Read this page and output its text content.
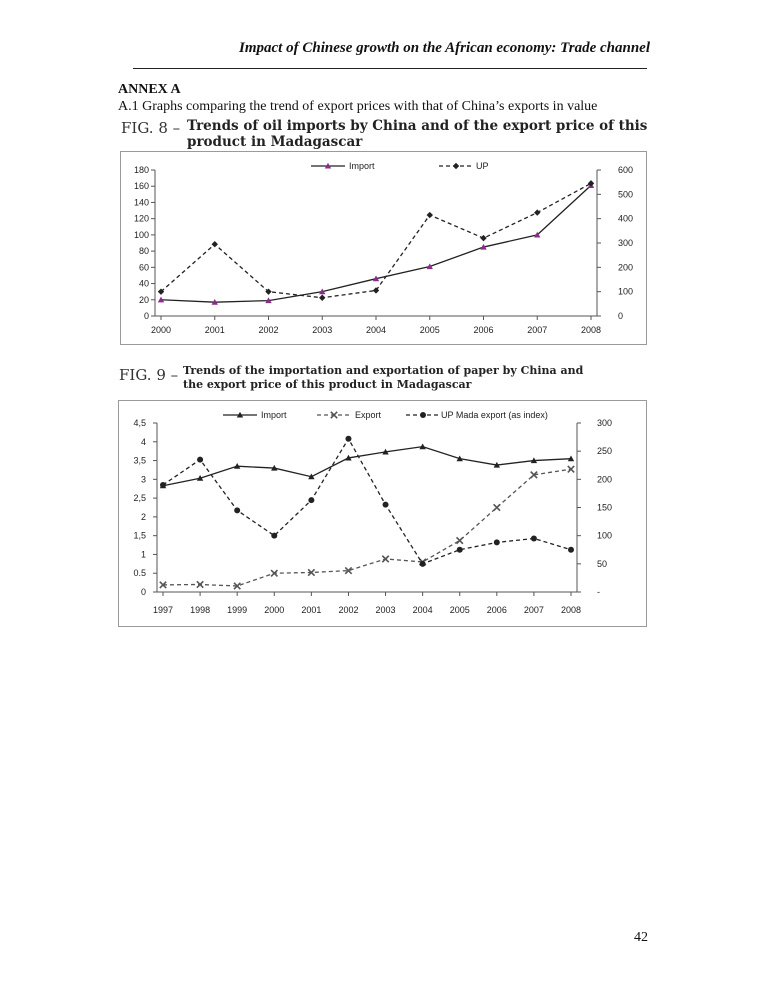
Impact of Chinese growth on the African economy: Trade channel
ANNEX A
A.1 Graphs comparing the trend of export prices with that of China’s exports in value
FIG. 8 – Trends of oil imports by China and of the export price of this
product in Madagascar
0
20
40
60
80
100
120
140
160
180
0
100
200
300
400
500
600
2000	2001	2002	2003	2004	2005	2006	2007	2008
Import	UP
FIG. 9 – Trends of the importation and exportation of paper by China and
the export price of this product in Madagascar
0
0.5
1
1,5
2
2,5
3
3,5
4
4,5
-
50
100
150
200
250
300
1997 1998 1999 2000 2001 2002 2003 2004 2005 2006 2007 2008
Import	Export	UP Mada export (as index)
42
